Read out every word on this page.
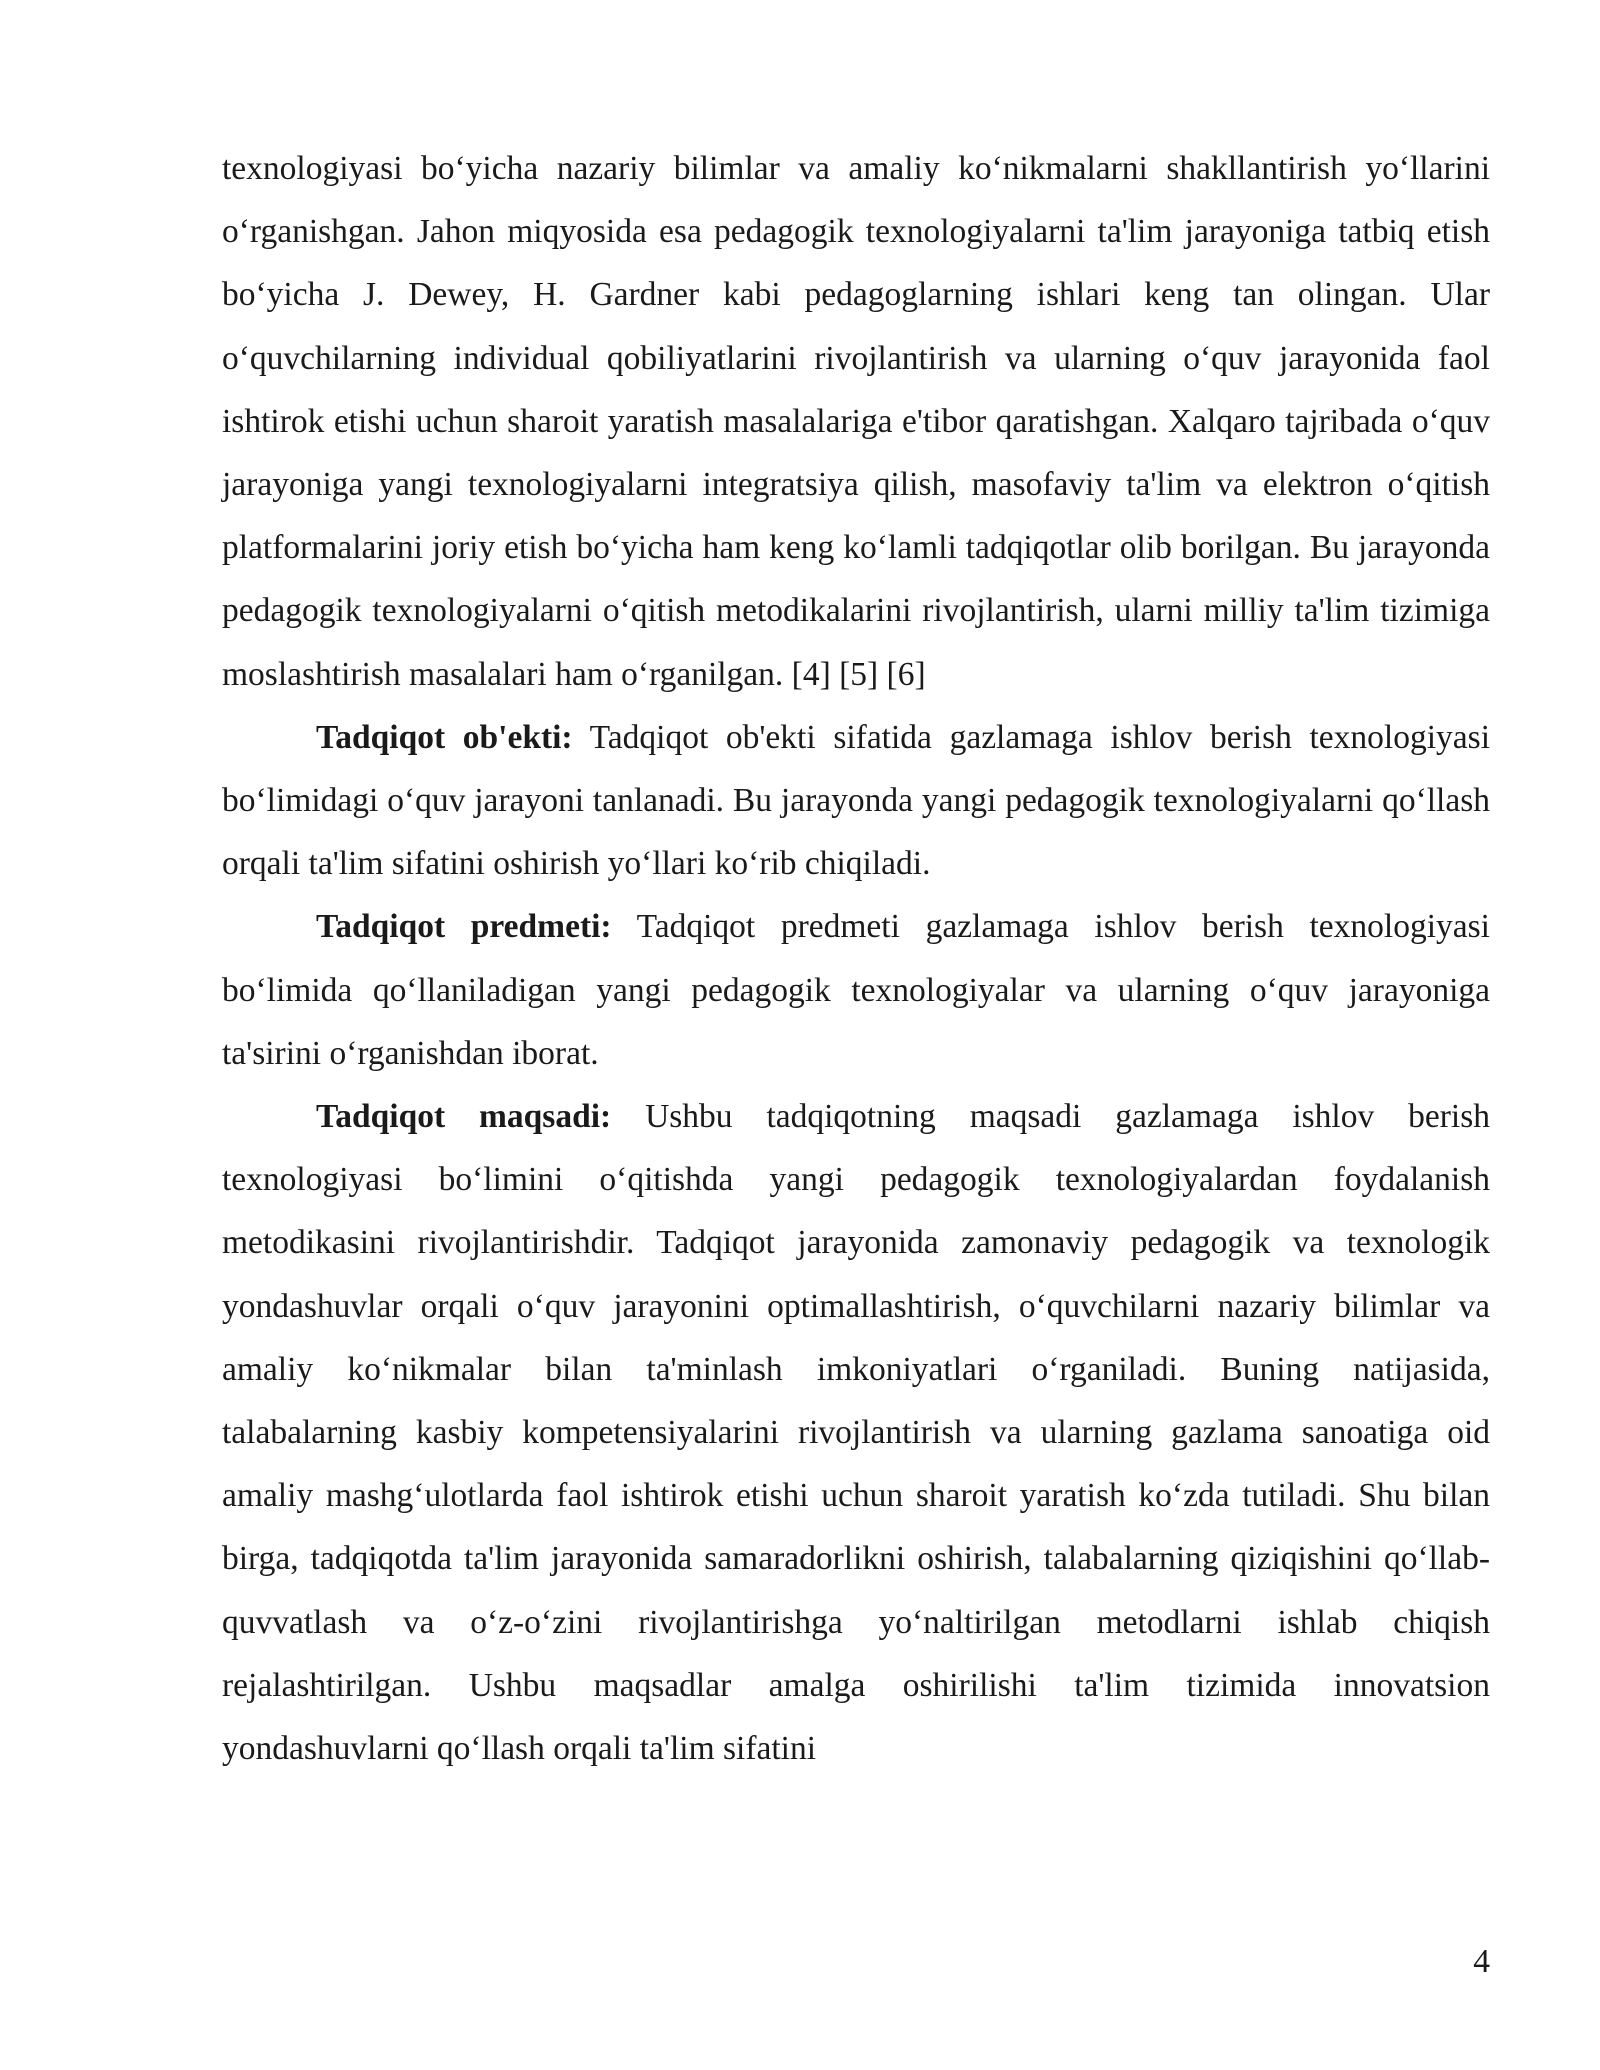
texnologiyasi bo‘yicha nazariy bilimlar va amaliy ko‘nikmalarni shakllantirish yo‘llarini o‘rganishgan. Jahon miqyosida esa pedagogik texnologiyalarni ta'lim jarayoniga tatbiq etish bo‘yicha J. Dewey, H. Gardner kabi pedagoglarning ishlari keng tan olingan. Ular o‘quvchilarning individual qobiliyatlarini rivojlantirish va ularning o‘quv jarayonida faol ishtirok etishi uchun sharoit yaratish masalalariga e'tibor qaratishgan. Xalqaro tajribada o‘quv jarayoniga yangi texnologiyalarni integratsiya qilish, masofaviy ta'lim va elektron o‘qitish platformalarini joriy etish bo‘yicha ham keng ko‘lamli tadqiqotlar olib borilgan. Bu jarayonda pedagogik texnologiyalarni o‘qitish metodikalarini rivojlantirish, ularni milliy ta'lim tizimiga moslashtirish masalalari ham o‘rganilgan. [4] [5] [6]

Tadqiqot ob'ekti: Tadqiqot ob'ekti sifatida gazlamaga ishlov berish texnologiyasi bo‘limidagi o‘quv jarayoni tanlanadi. Bu jarayonda yangi pedagogik texnologiyalarni qo‘llash orqali ta'lim sifatini oshirish yo‘llari ko‘rib chiqiladi.

Tadqiqot predmeti: Tadqiqot predmeti gazlamaga ishlov berish texnologiyasi bo‘limida qo‘llaniladigan yangi pedagogik texnologiyalar va ularning o‘quv jarayoniga ta'sirini o‘rganishdan iborat.

Tadqiqot maqsadi: Ushbu tadqiqotning maqsadi gazlamaga ishlov berish texnologiyasi bo‘limini o‘qitishda yangi pedagogik texnologiyalardan foydalanish metodikasini rivojlantirishdir. Tadqiqot jarayonida zamonaviy pedagogik va texnologik yondashuvlar orqali o‘quv jarayonini optimallashtirish, o‘quvchilarni nazariy bilimlar va amaliy ko‘nikmalar bilan ta'minlash imkoniyatlari o‘rganiladi. Buning natijasida, talabalarning kasbiy kompetensiyalarini rivojlantirish va ularning gazlama sanoatiga oid amaliy mashg‘ulotlarda faol ishtirok etishi uchun sharoit yaratish ko‘zda tutiladi. Shu bilan birga, tadqiqotda ta'lim jarayonida samaradorlikni oshirish, talabalarning qiziqishini qo‘llab-quvvatlash va o‘z-o‘zini rivojlantirishga yo‘naltirilgan metodlarni ishlab chiqish rejalashtirilgan. Ushbu maqsadlar amalga oshirilishi ta'lim tizimida innovatsion yondashuvlarni qo‘llash orqali ta'lim sifatini

4
